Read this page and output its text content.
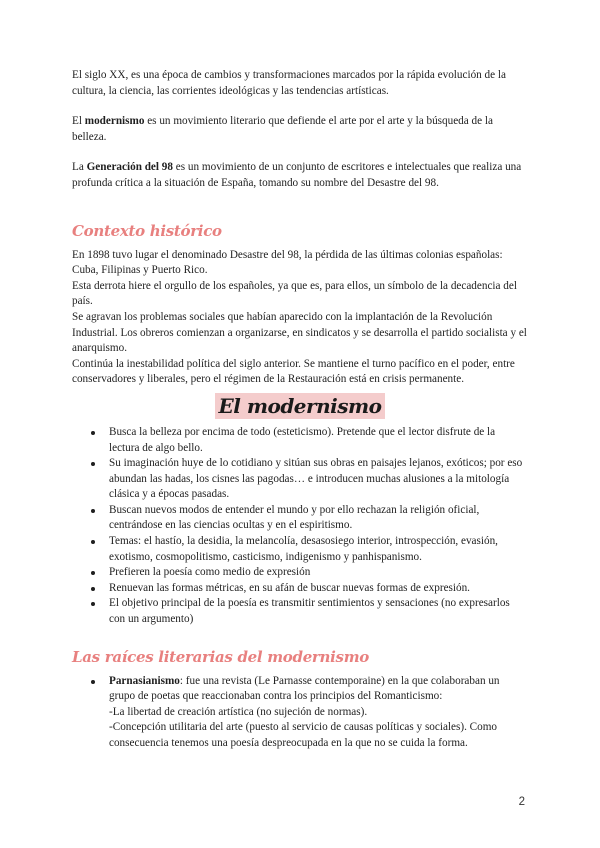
El siglo XX, es una época de cambios y transformaciones marcados por la rápida evolución de la cultura, la ciencia, las corrientes ideológicas y las tendencias artísticas.

El modernismo es un movimiento literario que defiende el arte por el arte y la búsqueda de la belleza.

La Generación del 98 es un movimiento de un conjunto de escritores e intelectuales que realiza una profunda crítica a la situación de España, tomando su nombre del Desastre del 98.

Contexto histórico

En 1898 tuvo lugar el denominado Desastre del 98, la pérdida de las últimas colonias españolas: Cuba, Filipinas y Puerto Rico.

Esta derrota hiere el orgullo de los españoles, ya que es, para ellos, un símbolo de la decadencia del país.

Se agravan los problemas sociales que habían aparecido con la implantación de la Revolución Industrial. Los obreros comienzan a organizarse, en sindicatos y se desarrolla el partido socialista y el anarquismo.

Continúa la inestabilidad política del siglo anterior. Se mantiene el turno pacífico en el poder, entre conservadores y liberales, pero el régimen de la Restauración está en crisis permanente.

El modernismo
Busca la belleza por encima de todo (esteticismo). Pretende que el lector disfrute de la lectura de algo bello.
Su imaginación huye de lo cotidiano y sitúan sus obras en paisajes lejanos, exóticos; por eso abundan las hadas, los cisnes las pagodas… e introducen muchas alusiones a la mitología clásica y a épocas pasadas.
Buscan nuevos modos de entender el mundo y por ello rechazan la religión oficial, centrándose en las ciencias ocultas y en el espiritismo.
Temas: el hastío, la desidia, la melancolía, desasosiego interior, introspección, evasión, exotismo, cosmopolitismo, casticismo, indigenismo y panhispanismo.
Prefieren la poesía como medio de expresión
Renuevan las formas métricas, en su afán de buscar nuevas formas de expresión.
El objetivo principal de la poesía es transmitir sentimientos y sensaciones (no expresarlos con un argumento)
Las raíces literarias del modernismo
Parnasianismo: fue una revista (Le Parnasse contemporaine) en la que colaboraban un grupo de poetas que reaccionaban contra los principios del Romanticismo:
-La libertad de creación artística (no sujeción de normas).
-Concepción utilitaria del arte (puesto al servicio de causas políticas y sociales). Como consecuencia tenemos una poesía despreocupada en la que no se cuida la forma.
2
